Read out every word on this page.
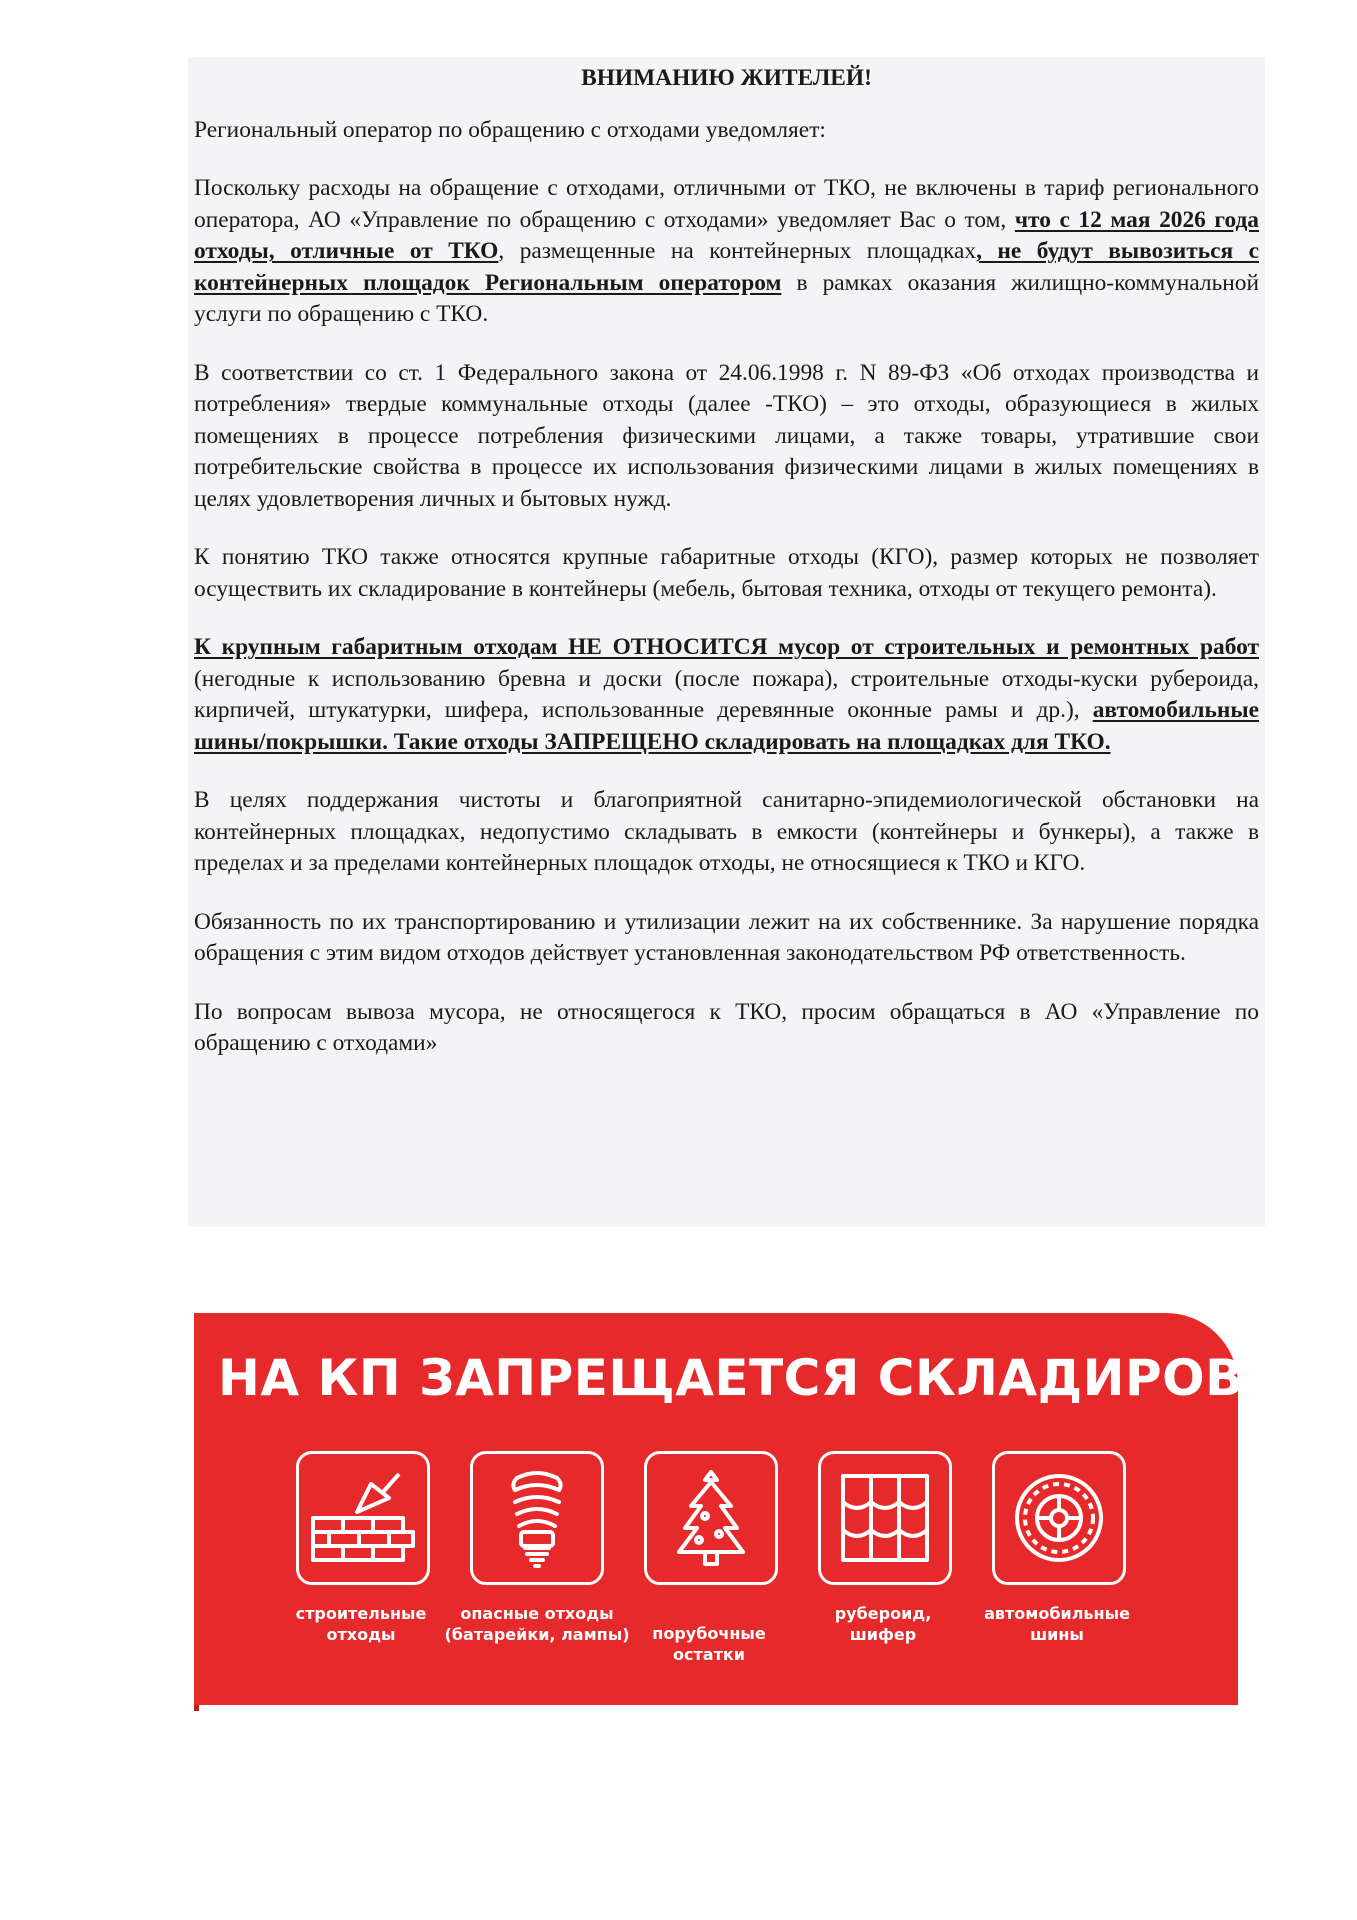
ВНИМАНИЮ ЖИТЕЛЕЙ!
Региональный оператор по обращению с отходами уведомляет:
Поскольку расходы на обращение с отходами, отличными от ТКО, не включены в тариф регионального оператора, АО «Управление по обращению с отходами» уведомляет Вас о том, что с 12 мая 2026 года отходы, отличные от ТКО, размещенные на контейнерных площадках, не будут вывозиться с контейнерных площадок Региональным оператором в рамках оказания жилищно-коммунальной услуги по обращению с ТКО.
В соответствии со ст. 1 Федерального закона от 24.06.1998 г. N 89-ФЗ «Об отходах производства и потребления» твердые коммунальные отходы (далее -ТКО) – это отходы, образующиеся в жилых помещениях в процессе потребления физическими лицами, а также товары, утратившие свои потребительские свойства в процессе их использования физическими лицами в жилых помещениях в целях удовлетворения личных и бытовых нужд.
К понятию ТКО также относятся крупные габаритные отходы (КГО), размер которых не позволяет осуществить их складирование в контейнеры (мебель, бытовая техника, отходы от текущего ремонта).
К крупным габаритным отходам НЕ ОТНОСИТСЯ мусор от строительных и ремонтных работ (негодные к использованию бревна и доски (после пожара), строительные отходы-куски рубероида, кирпичей, штукатурки, шифера, использованные деревянные оконные рамы и др.), автомобильные шины/покрышки. Такие отходы ЗАПРЕЩЕНО складировать на площадках для ТКО.
В целях поддержания чистоты и благоприятной санитарно-эпидемиологической обстановки на контейнерных площадках, недопустимо складывать в емкости (контейнеры и бункеры), а также в пределах и за пределами контейнерных площадок отходы, не относящиеся к ТКО и КГО.
Обязанность по их транспортированию и утилизации лежит на их собственнике. За нарушение порядка обращения с этим видом отходов действует установленная законодательством РФ ответственность.
По вопросам вывоза мусора, не относящегося к ТКО, просим обращаться в АО «Управление по обращению с отходами»
НА КП ЗАПРЕЩАЕТСЯ СКЛАДИРОВАТЬ
строительные
отходы
опасные отходы
(батарейки, лампы)	порубочные
остатки
рубероид,
шифер
автомобильные
шины
